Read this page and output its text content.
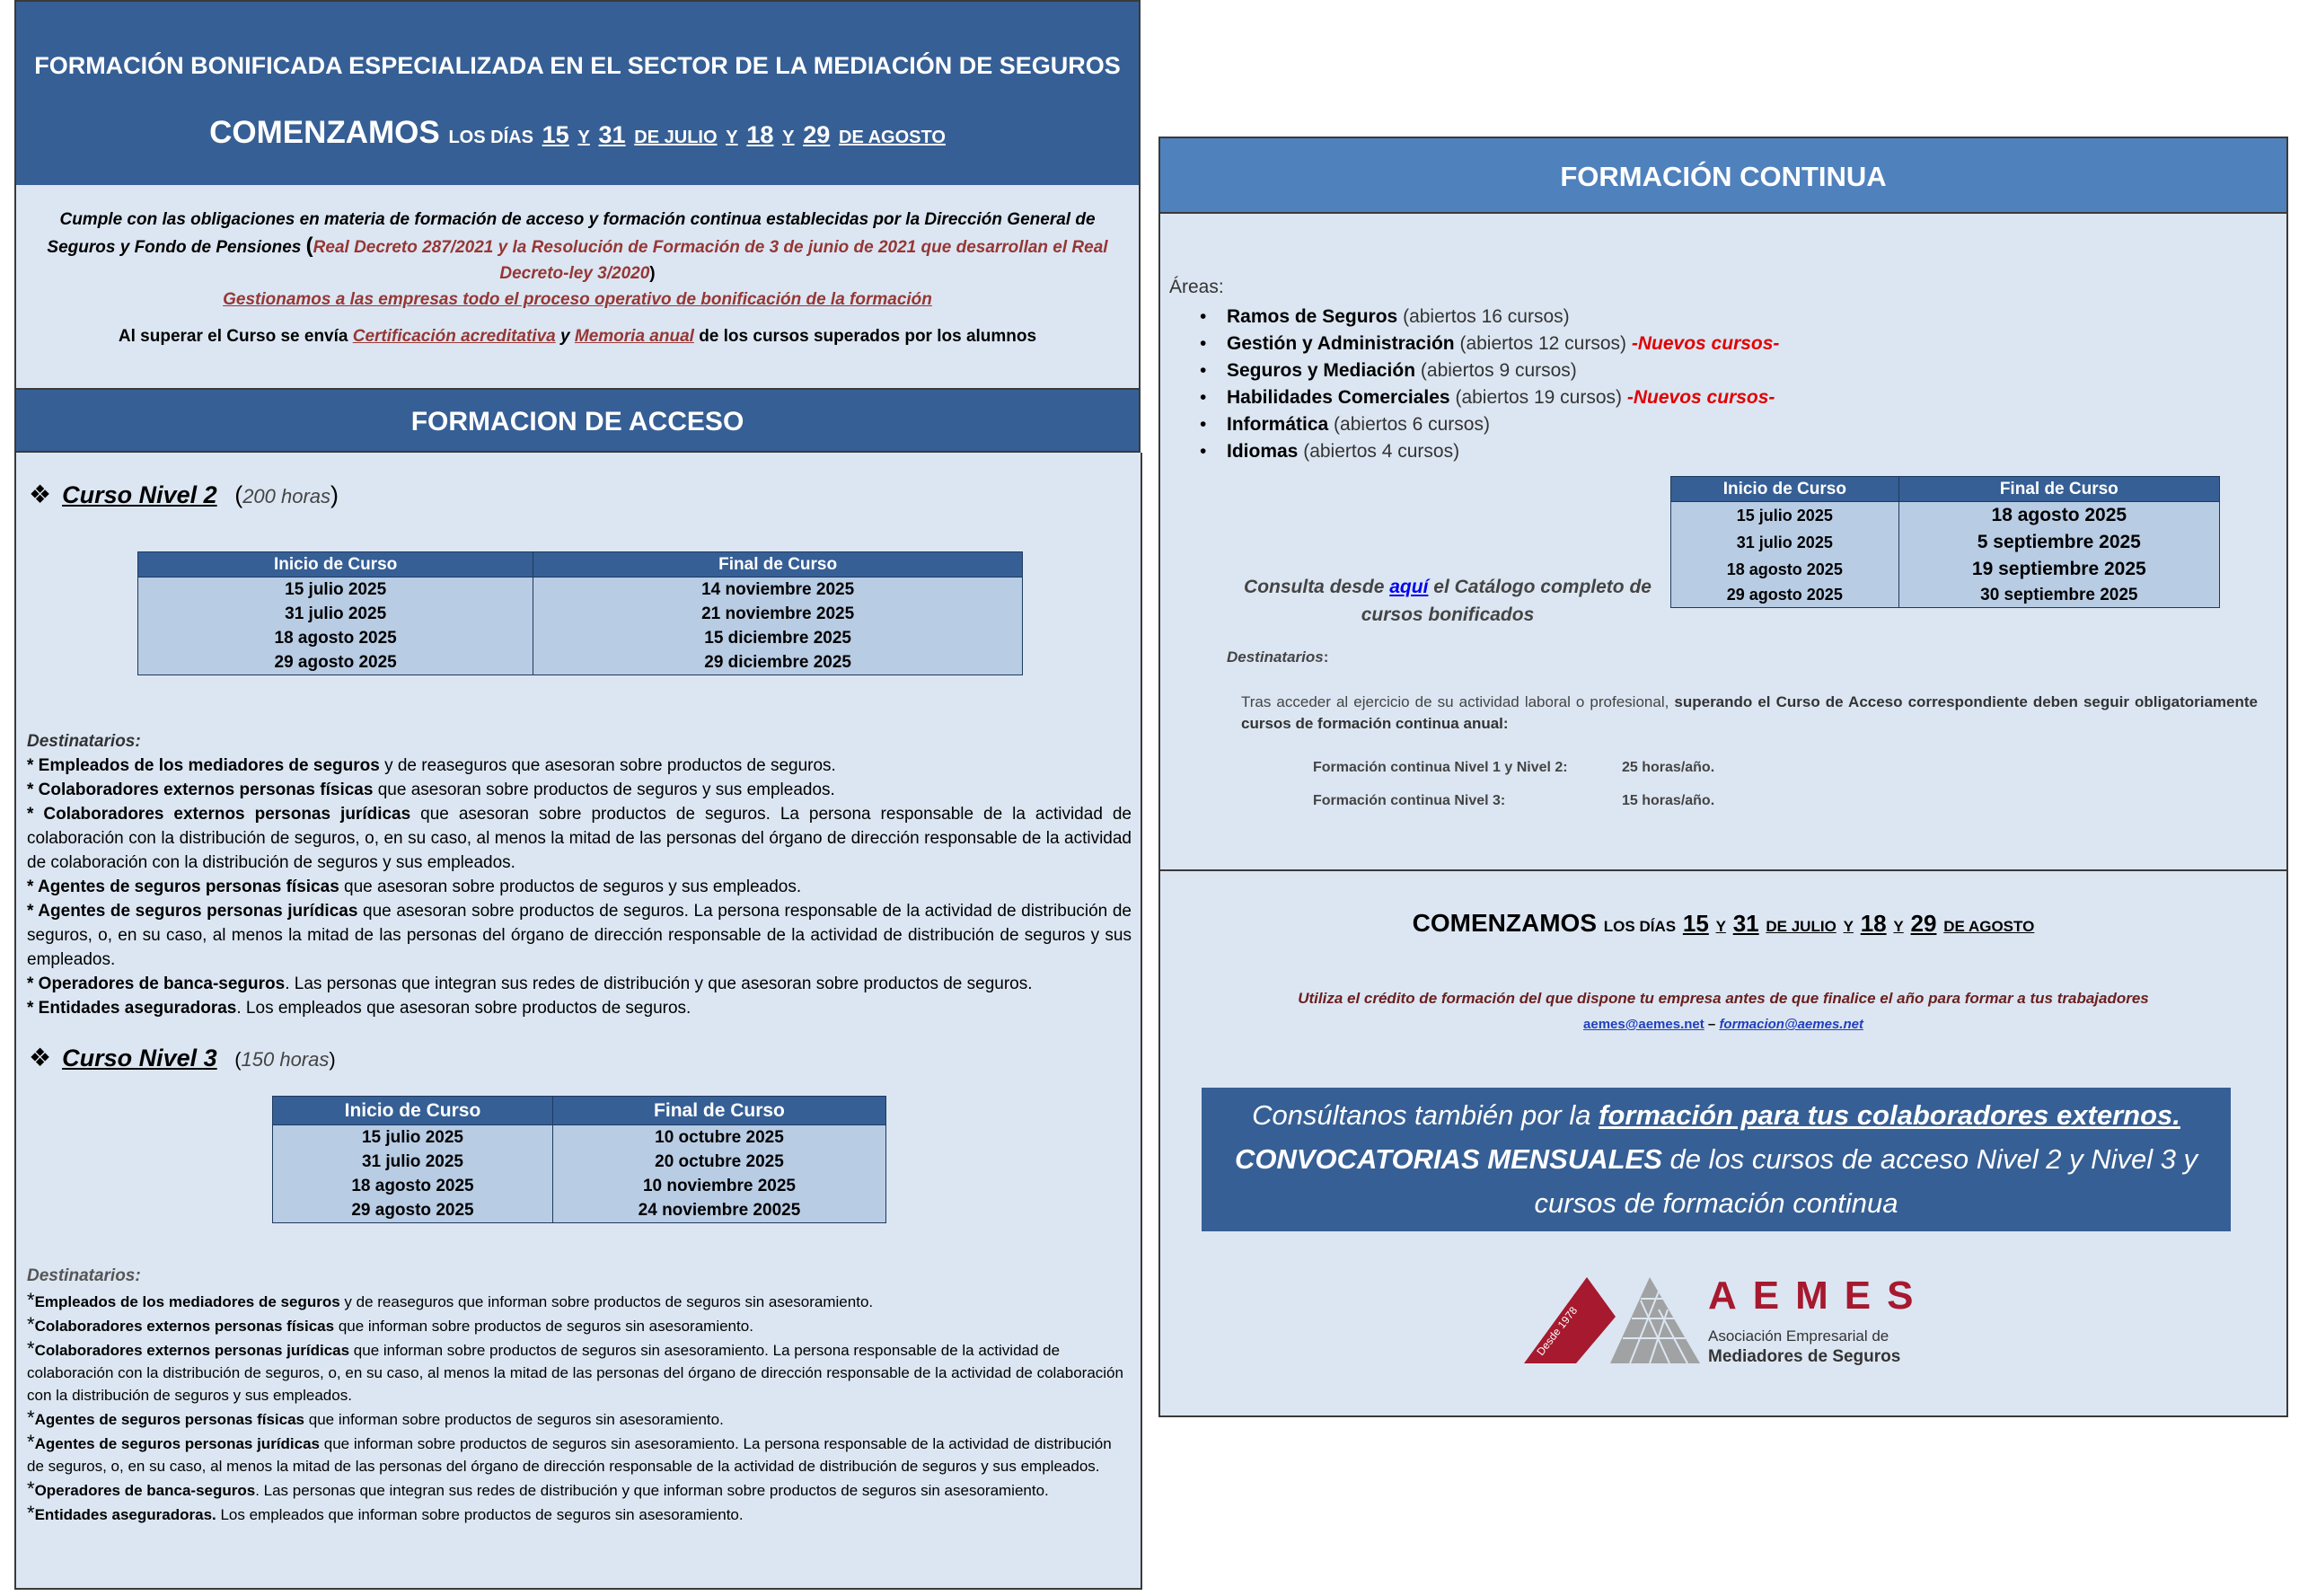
FORMACIÓN BONIFICADA ESPECIALIZADA EN EL SECTOR DE LA MEDIACIÓN DE SEGUROS
COMENZAMOS LOS DÍAS 15 Y 31 DE JULIO Y 18 Y 29 DE AGOSTO

Cumple con las obligaciones en materia de formación de acceso y formación continua establecidas por la Dirección General de Seguros y Fondo de Pensiones (Real Decreto 287/2021 y la Resolución de Formación de 3 de junio de 2021 que desarrollan el Real Decreto-ley 3/2020)

Gestionamos a las empresas todo el proceso operativo de bonificación de la formación

Al superar el Curso se envía Certificación acreditativa y Memoria anual de los cursos superados por los alumnos

FORMACION DE ACCESO
❖ Curso Nivel 2 (200 horas)
Inicio de Curso	Final de Curso
15 julio 2025	14 noviembre 2025
31 julio 2025	21 noviembre 2025
18 agosto 2025	15 diciembre 2025
29 agosto 2025	29 diciembre 2025

Destinatarios:

* Empleados de los mediadores de seguros y de reaseguros que asesoran sobre productos de seguros.

* Colaboradores externos personas físicas que asesoran sobre productos de seguros y sus empleados.

* Colaboradores externos personas jurídicas que asesoran sobre productos de seguros. La persona responsable de la actividad de colaboración con la distribución de seguros, o, en su caso, al menos la mitad de las personas del órgano de dirección responsable de la actividad de colaboración con la distribución de seguros y sus empleados.

* Agentes de seguros personas físicas que asesoran sobre productos de seguros y sus empleados.

* Agentes de seguros personas jurídicas que asesoran sobre productos de seguros. La persona responsable de la actividad de distribución de seguros, o, en su caso, al menos la mitad de las personas del órgano de dirección responsable de la actividad de distribución de seguros y sus empleados.

* Operadores de banca-seguros. Las personas que integran sus redes de distribución y que asesoran sobre productos de seguros.

* Entidades aseguradoras. Los empleados que asesoran sobre productos de seguros.

❖ Curso Nivel 3 (150 horas)
Inicio de Curso	Final de Curso
15 julio 2025	10 octubre 2025
31 julio 2025	20 octubre 2025
18 agosto 2025	10 noviembre 2025
29 agosto 2025	24 noviembre 20025

Destinatarios:

*Empleados de los mediadores de seguros y de reaseguros que informan sobre productos de seguros sin asesoramiento.

*Colaboradores externos personas físicas que informan sobre productos de seguros sin asesoramiento.

*Colaboradores externos personas jurídicas que informan sobre productos de seguros sin asesoramiento. La persona responsable de la actividad de colaboración con la distribución de seguros, o, en su caso, al menos la mitad de las personas del órgano de dirección responsable de la actividad de colaboración con la distribución de seguros y sus empleados.

*Agentes de seguros personas físicas que informan sobre productos de seguros sin asesoramiento.

*Agentes de seguros personas jurídicas que informan sobre productos de seguros sin asesoramiento. La persona responsable de la actividad de distribución de seguros, o, en su caso, al menos la mitad de las personas del órgano de dirección responsable de la actividad de distribución de seguros y sus empleados.

*Operadores de banca-seguros. Las personas que integran sus redes de distribución y que informan sobre productos de seguros sin asesoramiento.

*Entidades aseguradoras. Los empleados que informan sobre productos de seguros sin asesoramiento.

FORMACIÓN CONTINUA
Áreas:
• Ramos de Seguros (abiertos 16 cursos)
• Gestión y Administración (abiertos 12 cursos) -Nuevos cursos-
• Seguros y Mediación (abiertos 9 cursos)
• Habilidades Comerciales (abiertos 19 cursos) -Nuevos cursos-
• Informática (abiertos 6 cursos)
• Idiomas (abiertos 4 cursos)
Inicio de Curso	Final de Curso
15 julio 2025	18 agosto 2025
31 julio 2025	5 septiembre 2025
18 agosto 2025	19 septiembre 2025
29 agosto 2025	30 septiembre 2025
Consulta desde aquí el Catálogo completo de cursos bonificados
Destinatarios:
Tras acceder al ejercicio de su actividad laboral o profesional, superando el Curso de Acceso correspondiente deben seguir obligatoriamente cursos de formación continua anual:
Formación continua Nivel 1 y Nivel 2:	25 horas/año.
Formación continua Nivel 3:	15 horas/año.
COMENZAMOS LOS DÍAS 15 Y 31 DE JULIO Y 18 Y 29 DE AGOSTO
Utiliza el crédito de formación del que dispone tu empresa antes de que finalice el año para formar a tus trabajadores
aemes@aemes.net – formacion@aemes.net
Consúltanos también por la formación para tus colaboradores externos.
CONVOCATORIAS MENSUALES de los cursos de acceso Nivel 2 y Nivel 3 y cursos de formación continua
Desde 1978
AEMES
Asociación Empresarial de
Mediadores de Seguros
